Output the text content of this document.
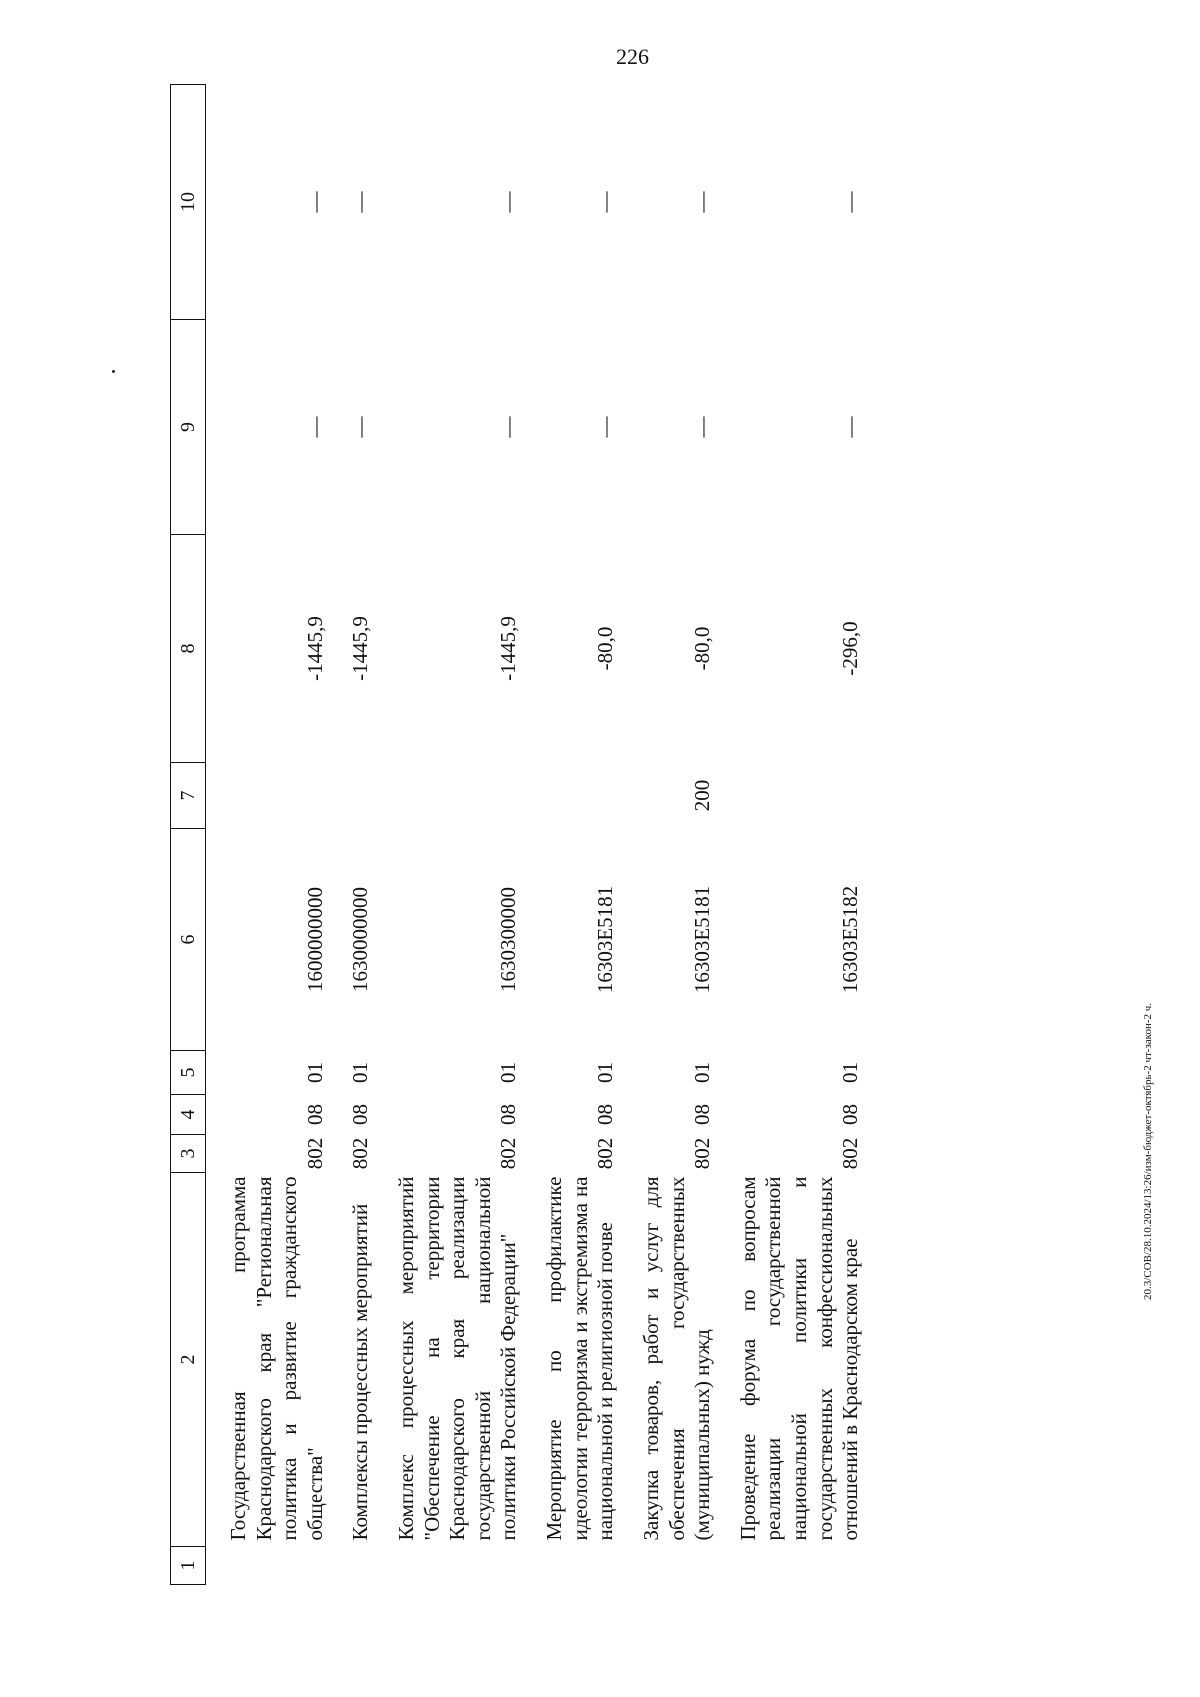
226
20.3/СОВ/28.10.2024/13:26/изм-бюджет-октябрь-2 чт-закон-2 ч.
1	2	3	4	5	6	7	8	9	10
	Государственная программа Краснодарского края "Региональная политика и развитие гражданского общества"	802	08	01	1600000000		-1445,9	—	—
	Комплексы процессных мероприятий	802	08	01	1630000000		-1445,9	—	—
	Комплекс процессных мероприятий "Обеспечение на территории Краснодарского края реализации государственной национальной политики Российской Федерации"	802	08	01	1630300000		-1445,9	—	—
	Мероприятие по профилактике идеологии терроризма и экстремизма на национальной и религиозной почве	802	08	01	16303E5181		-80,0	—	—
	Закупка товаров, работ и услуг для обеспечения государственных (муниципальных) нужд	802	08	01	16303E5181	200	-80,0	—	—
	Проведение форума по вопросам реализации государственной национальной политики и государственных конфессиональных отношений в Краснодарском крае	802	08	01	16303E5182		-296,0	—	—
